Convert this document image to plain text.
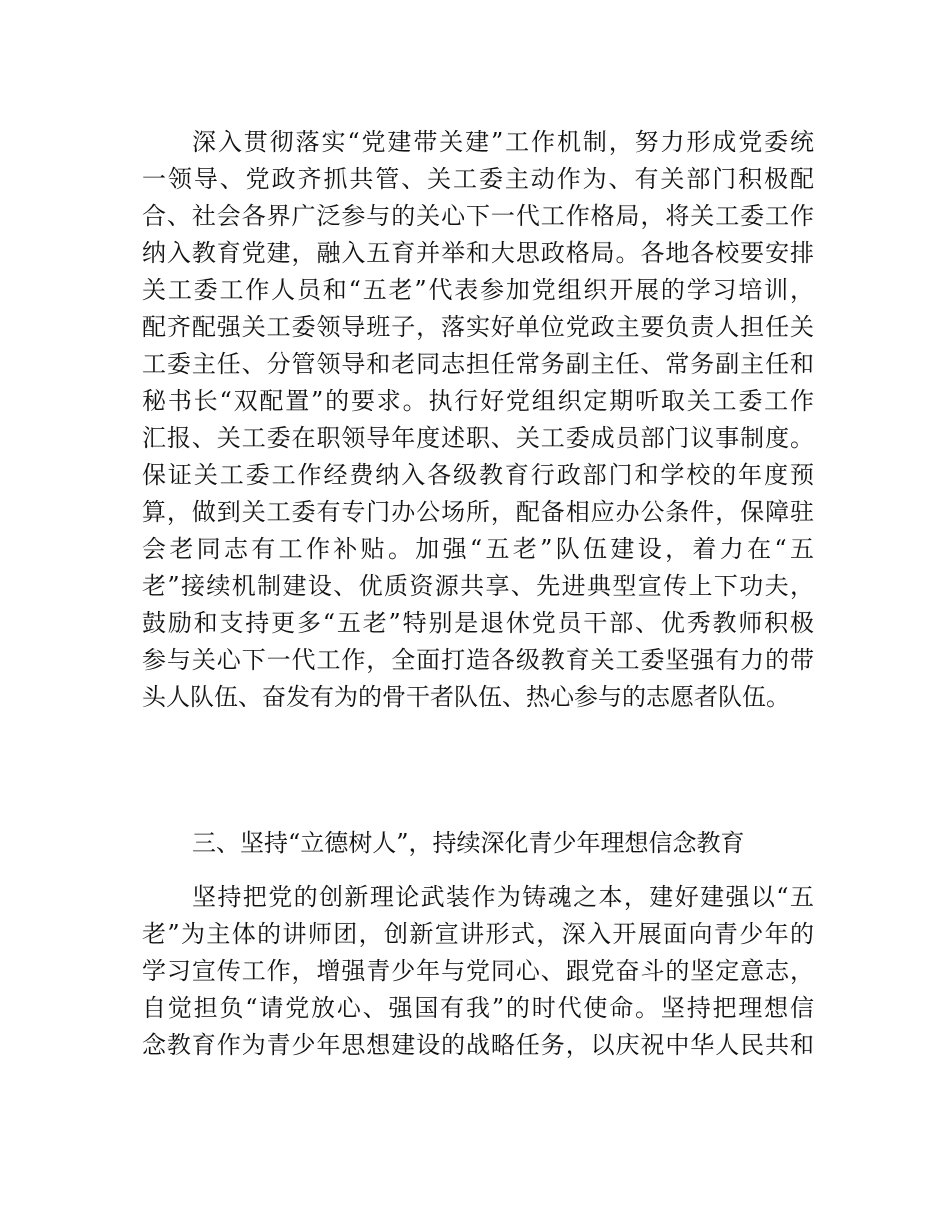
深入贯彻落实“党建带关建”工作机制，努力形成党委统
一领导、党政齐抓共管、关工委主动作为、有关部门积极配
合、社会各界广泛参与的关心下一代工作格局，将关工委工作
纳入教育党建，融入五育并举和大思政格局。各地各校要安排
关工委工作人员和“五老”代表参加党组织开展的学习培训，
配齐配强关工委领导班子，落实好单位党政主要负责人担任关
工委主任、分管领导和老同志担任常务副主任、常务副主任和
秘书长“双配置”的要求。执行好党组织定期听取关工委工作
汇报、关工委在职领导年度述职、关工委成员部门议事制度。
保证关工委工作经费纳入各级教育行政部门和学校的年度预
算，做到关工委有专门办公场所，配备相应办公条件，保障驻
会老同志有工作补贴。加强“五老”队伍建设，着力在“五
老”接续机制建设、优质资源共享、先进典型宣传上下功夫，
鼓励和支持更多“五老”特别是退休党员干部、优秀教师积极
参与关心下一代工作，全面打造各级教育关工委坚强有力的带
头人队伍、奋发有为的骨干者队伍、热心参与的志愿者队伍。
三、坚持“立德树人”，持续深化青少年理想信念教育
坚持把党的创新理论武装作为铸魂之本，建好建强以“五
老”为主体的讲师团，创新宣讲形式，深入开展面向青少年的
学习宣传工作，增强青少年与党同心、跟党奋斗的坚定意志，
自觉担负“请党放心、强国有我”的时代使命。坚持把理想信
念教育作为青少年思想建设的战略任务，以庆祝中华人民共和
